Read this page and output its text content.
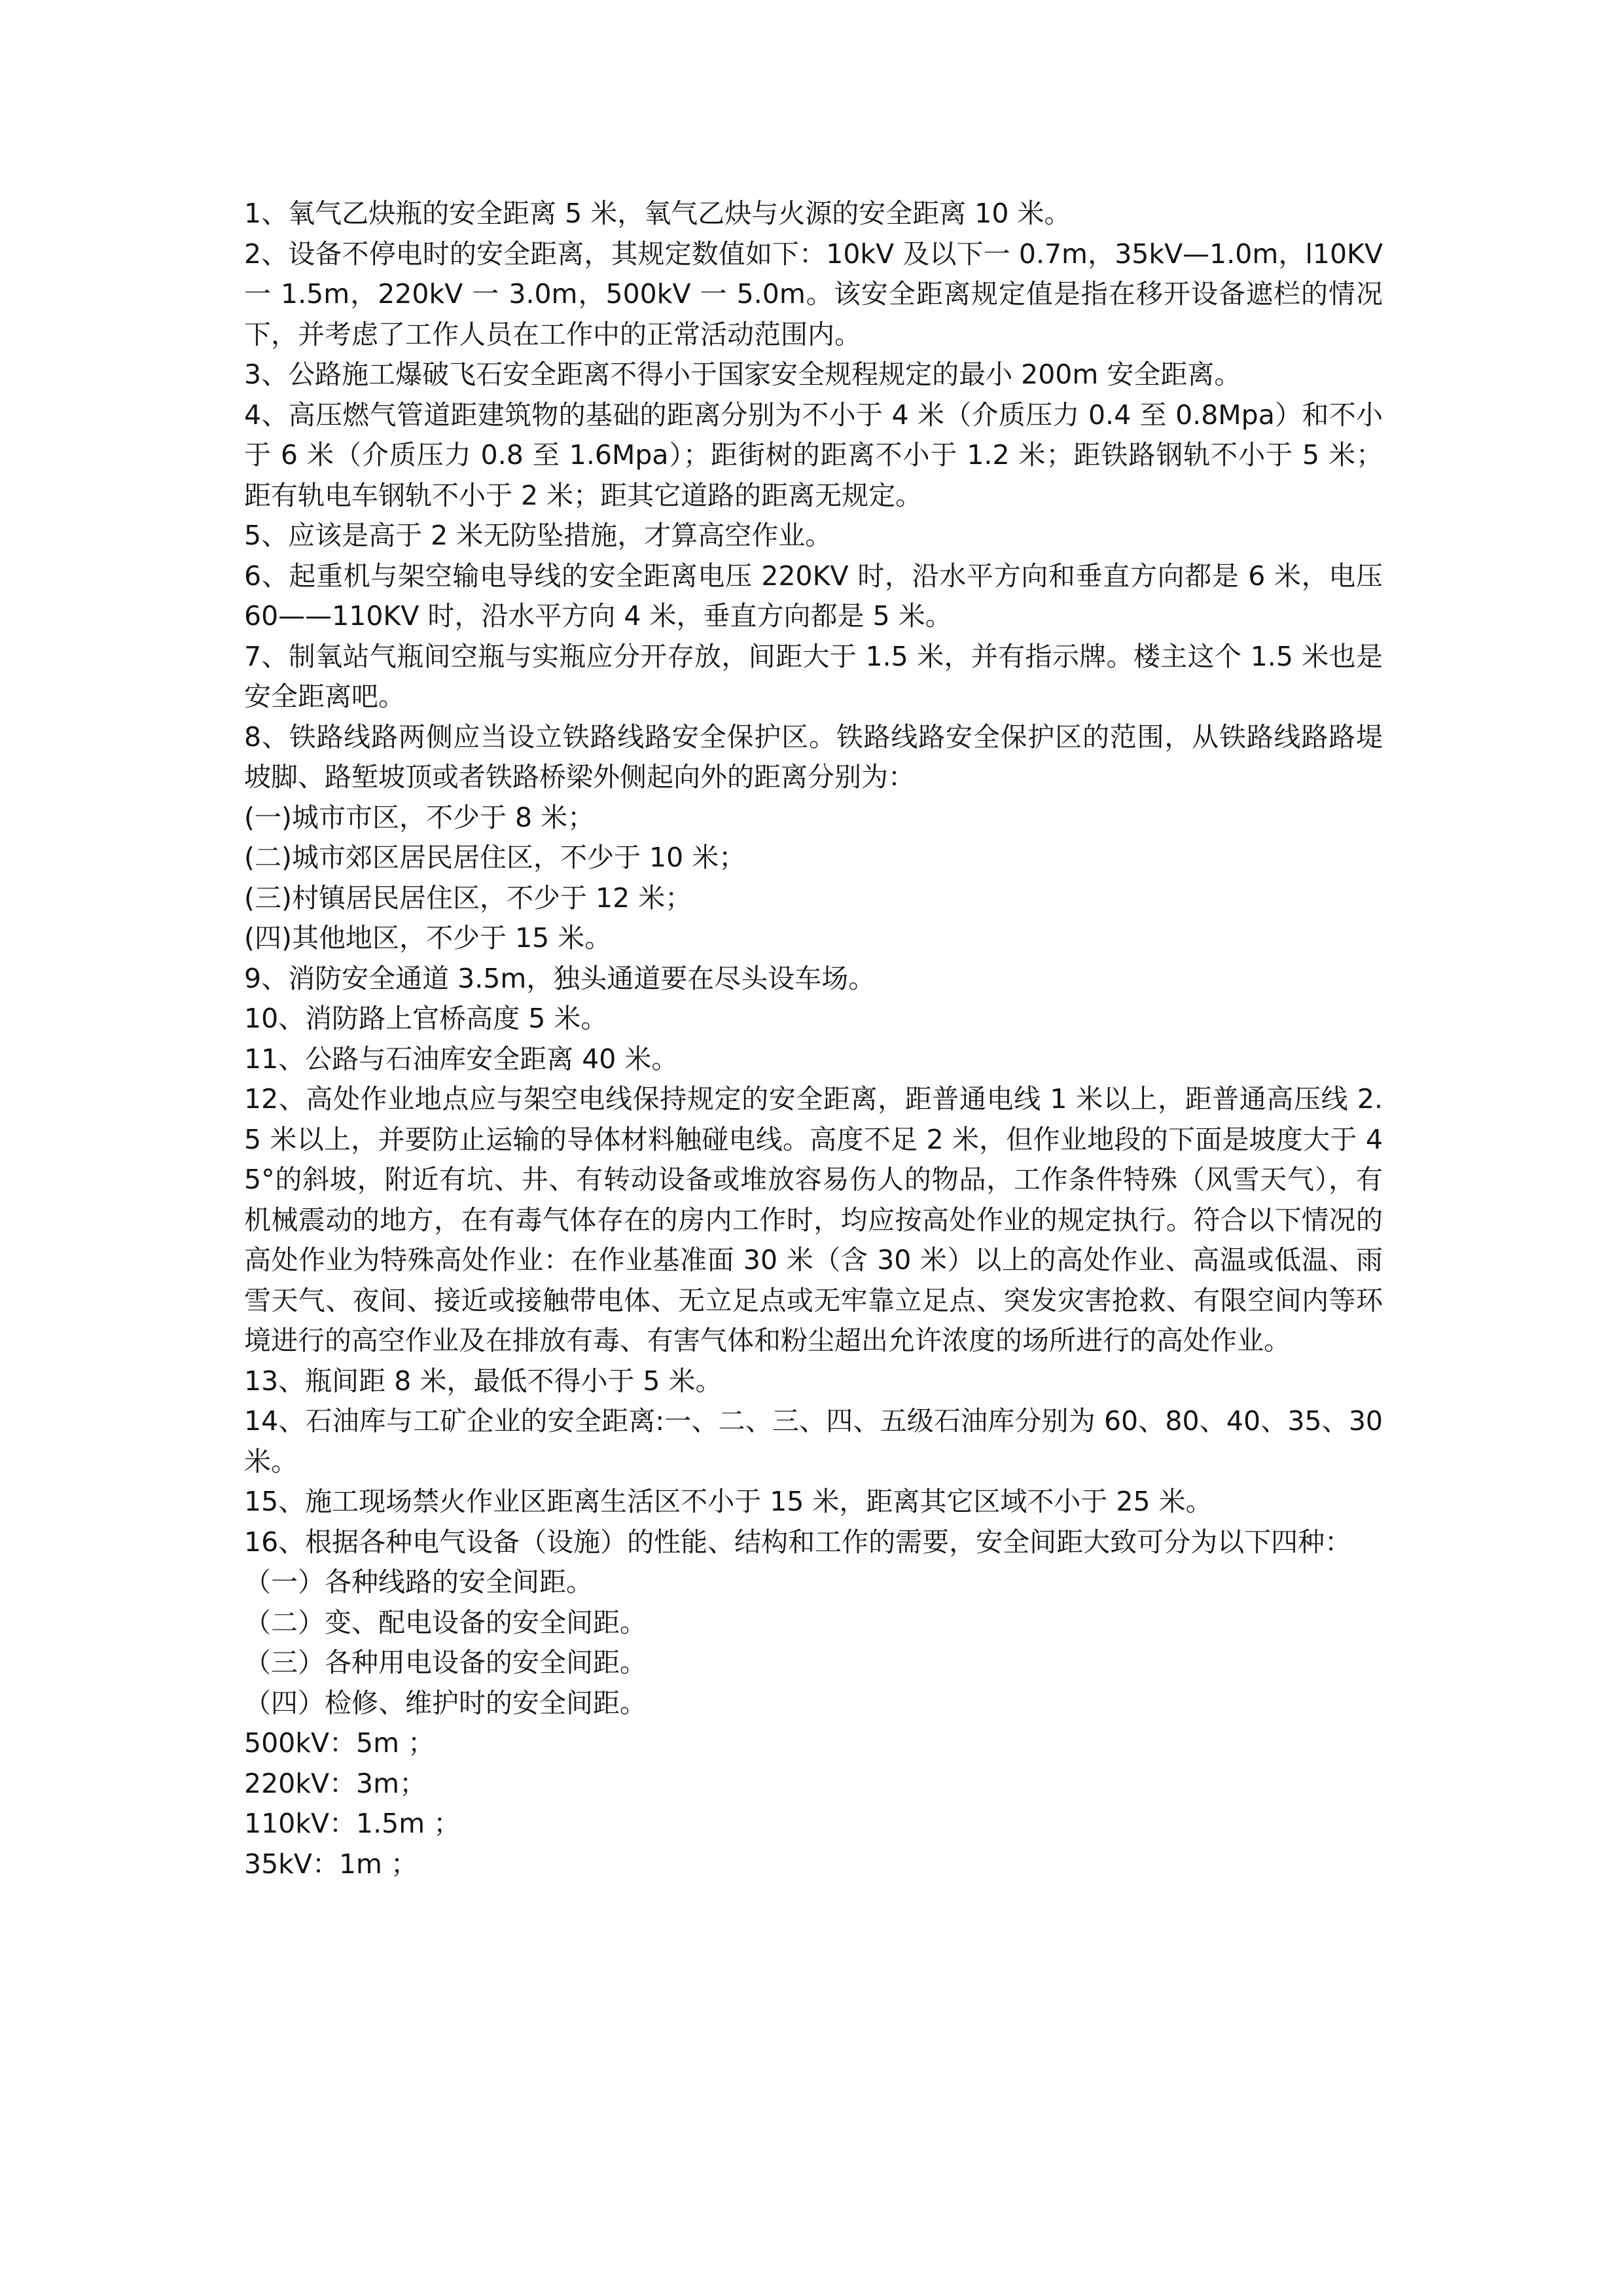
1、氧气乙炔瓶的安全距离 5 米，氧气乙炔与火源的安全距离 10 米。

2、设备不停电时的安全距离，其规定数值如下：10kV 及以下一 0.7m，35kV—1.0m，l10KV 一 1.5m，220kV 一 3.0m，500kV 一 5.0m。该安全距离规定值是指在移开设备遮栏的情况下，并考虑了工作人员在工作中的正常活动范围内。

3、公路施工爆破飞石安全距离不得小于国家安全规程规定的最小 200m 安全距离。

4、高压燃气管道距建筑物的基础的距离分别为不小于 4 米（介质压力 0.4 至 0.8Mpa）和不小于 6 米（介质压力 0.8 至 1.6Mpa）；距街树的距离不小于 1.2 米；距铁路钢轨不小于 5 米；距有轨电车钢轨不小于 2 米；距其它道路的距离无规定。

5、应该是高于 2 米无防坠措施，才算高空作业。

6、起重机与架空输电导线的安全距离电压 220KV 时，沿水平方向和垂直方向都是 6 米，电压 60——110KV 时，沿水平方向 4 米，垂直方向都是 5 米。

7、制氧站气瓶间空瓶与实瓶应分开存放，间距大于 1.5 米，并有指示牌。楼主这个 1.5 米也是安全距离吧。

8、铁路线路两侧应当设立铁路线路安全保护区。铁路线路安全保护区的范围，从铁路线路路堤坡脚、路堑坡顶或者铁路桥梁外侧起向外的距离分别为：

(一)城市市区，不少于 8 米；

(二)城市郊区居民居住区，不少于 10 米；

(三)村镇居民居住区，不少于 12 米；

(四)其他地区，不少于 15 米。

9、消防安全通道 3.5m，独头通道要在尽头设车场。

10、消防路上官桥高度 5 米。

11、公路与石油库安全距离 40 米。

12、高处作业地点应与架空电线保持规定的安全距离，距普通电线 1 米以上，距普通高压线 2.5 米以上，并要防止运输的导体材料触碰电线。高度不足 2 米，但作业地段的下面是坡度大于 45°的斜坡，附近有坑、井、有转动设备或堆放容易伤人的物品，工作条件特殊（风雪天气），有机械震动的地方，在有毒气体存在的房内工作时，均应按高处作业的规定执行。符合以下情况的高处作业为特殊高处作业：在作业基准面 30 米（含 30 米）以上的高处作业、高温或低温、雨雪天气、夜间、接近或接触带电体、无立足点或无牢靠立足点、突发灾害抢救、有限空间内等环境进行的高空作业及在排放有毒、有害气体和粉尘超出允许浓度的场所进行的高处作业。

13、瓶间距 8 米，最低不得小于 5 米。

14、石油库与工矿企业的安全距离:一、二、三、四、五级石油库分别为 60、80、40、35、30 米。

15、施工现场禁火作业区距离生活区不小于 15 米，距离其它区域不小于 25 米。

16、根据各种电气设备（设施）的性能、结构和工作的需要，安全间距大致可分为以下四种：

（一）各种线路的安全间距。

（二）变、配电设备的安全间距。

（三）各种用电设备的安全间距。

（四）检修、维护时的安全间距。

500kV：5m ；

220kV：3m；

110kV：1.5m ；

35kV：1m ；
